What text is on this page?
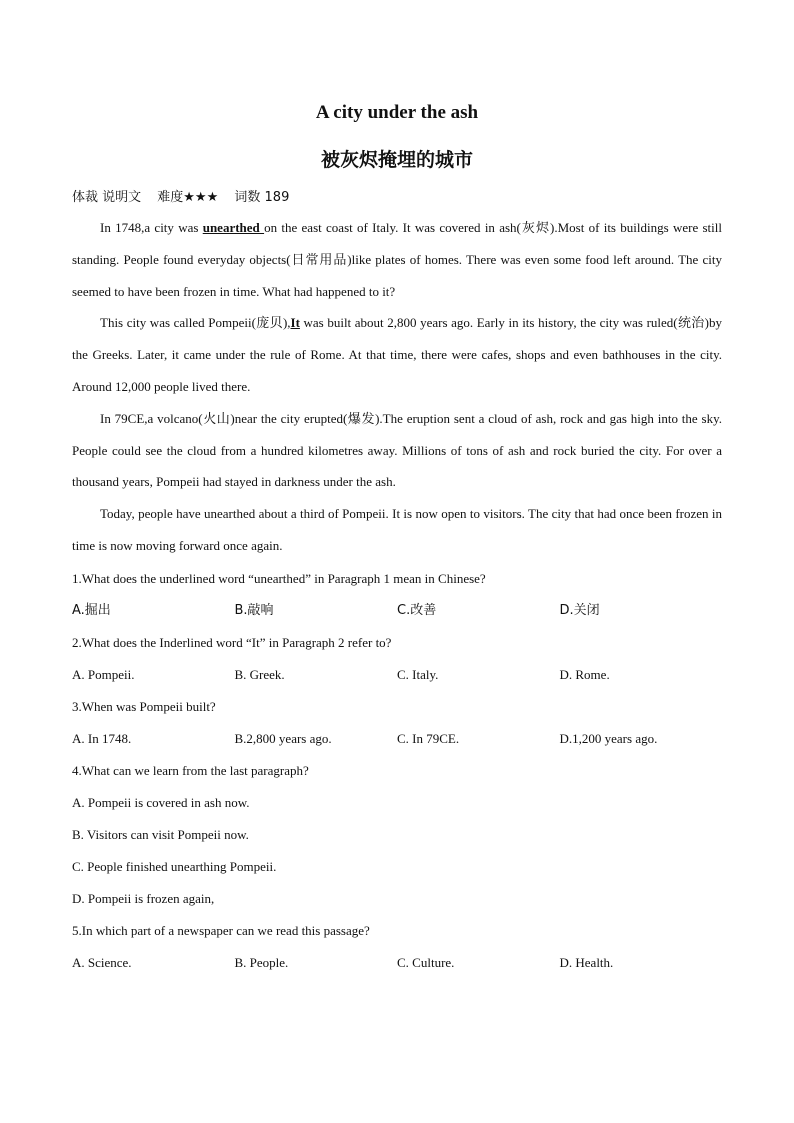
A city under the ash
被灰烬掩埋的城市
体裁 说明文 难度★★★ 词数 189

In 1748,a city was unearthed on the east coast of Italy. It was covered in ash(灰烬).Most of its buildings were still standing. People found everyday objects(日常用品)like plates of homes. There was even some food left around. The city seemed to have been frozen in time. What had happened to it?

This city was called Pompeii(庞贝),It was built about 2,800 years ago. Early in its history, the city was ruled(统治)by the Greeks. Later, it came under the rule of Rome. At that time, there were cafes, shops and even bathhouses in the city. Around 12,000 people lived there.

In 79CE,a volcano(火山)near the city erupted(爆发).The eruption sent a cloud of ash, rock and gas high into the sky. People could see the cloud from a hundred kilometres away. Millions of tons of ash and rock buried the city. For over a thousand years, Pompeii had stayed in darkness under the ash.

Today, people have unearthed about a third of Pompeii. It is now open to visitors. The city that had once been frozen in time is now moving forward once again.

1.What does the underlined word “unearthed” in Paragraph 1 mean in Chinese?
A.掘出	B.敲响	C.改善	D.关闭
2.What does the Inderlined word “It” in Paragraph 2 refer to?
A. Pompeii.	B. Greek.	C. Italy.	D. Rome.
3.When was Pompeii built?
A. In 1748.	B.2,800 years ago.	C. In 79CE.	D.1,200 years ago.
4.What can we learn from the last paragraph?
A. Pompeii is covered in ash now.
B. Visitors can visit Pompeii now.
C. People finished unearthing Pompeii.
D. Pompeii is frozen again,
5.In which part of a newspaper can we read this passage?
A. Science.	B. People.	C. Culture.	D. Health.
